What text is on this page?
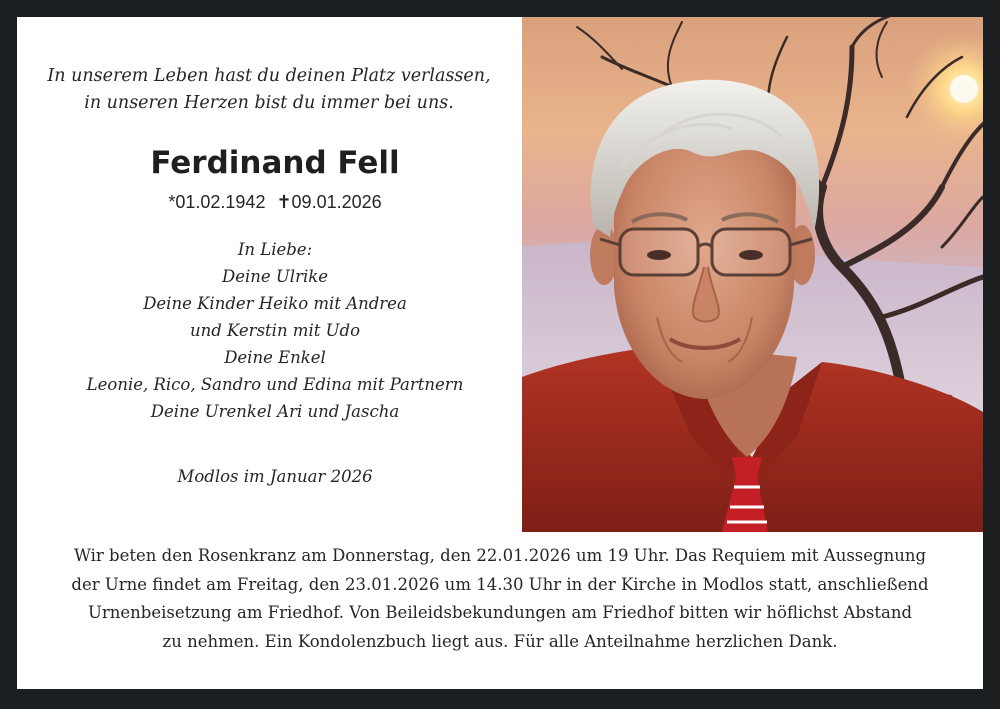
In unserem Leben hast du deinen Platz verlassen,
in unseren Herzen bist du immer bei uns.
Ferdinand Fell
*01.02.1942 ✝09.01.2026
In Liebe:
Deine Ulrike
Deine Kinder Heiko mit Andrea
und Kerstin mit Udo
Deine Enkel
Leonie, Rico, Sandro und Edina mit Partnern
Deine Urenkel Ari und Jascha
Modlos im Januar 2026
Wir beten den Rosenkranz am Donnerstag, den 22.01.2026 um 19 Uhr. Das Requiem mit Aussegnung
der Urne findet am Freitag, den 23.01.2026 um 14.30 Uhr in der Kirche in Modlos statt, anschließend
Urnenbeisetzung am Friedhof. Von Beileidsbekundungen am Friedhof bitten wir höflichst Abstand
zu nehmen. Ein Kondolenzbuch liegt aus. Für alle Anteilnahme herzlichen Dank.
